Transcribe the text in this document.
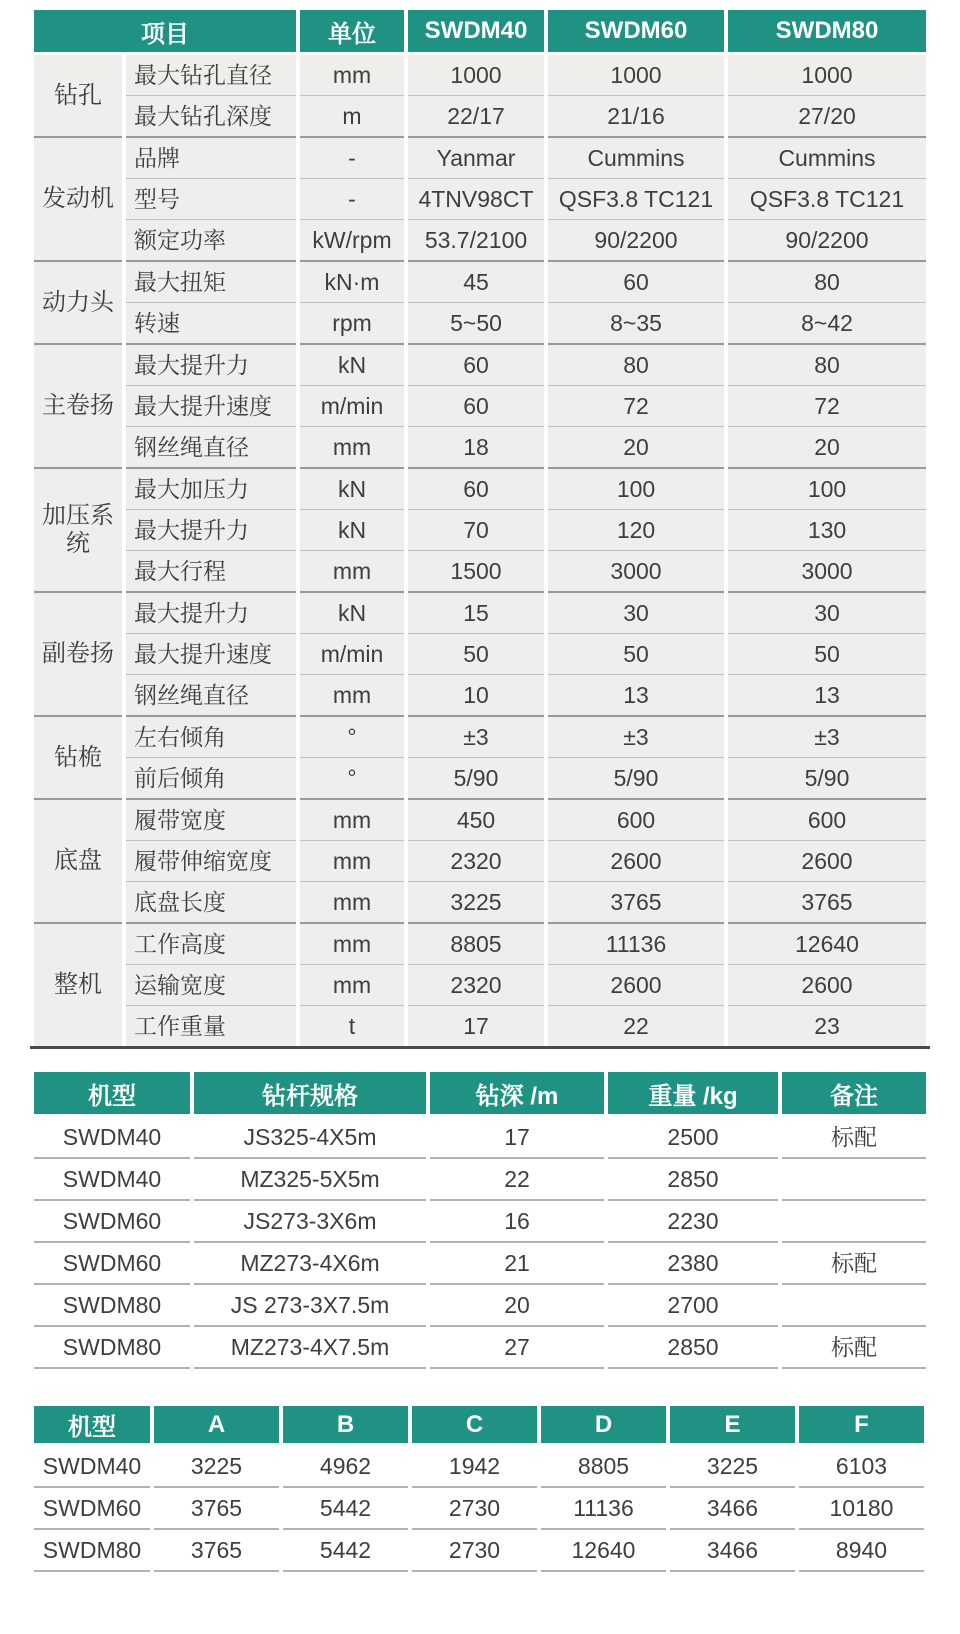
项目		单位	SWDM40	SWDM60	SWDM80
钻孔	最大钻孔直径	mm	1000	1000	1000
	最大钻孔深度	m	22/17	21/16	27/20
发动机	品牌	-	Yanmar	Cummins	Cummins
	型号	-	4TNV98CT	QSF3.8 TC121	QSF3.8 TC121
	额定功率	kW/rpm	53.7/2100	90/2200	90/2200
动力头	最大扭矩	kN·m	45	60	80
	转速	rpm	5~50	8~35	8~42
主卷扬	最大提升力	kN	60	80	80
	最大提升速度	m/min	60	72	72
	钢丝绳直径	mm	18	20	20
加压系统	最大加压力	kN	60	100	100
	最大提升力	kN	70	120	130
	最大行程	mm	1500	3000	3000
副卷扬	最大提升力	kN	15	30	30
	最大提升速度	m/min	50	50	50
	钢丝绳直径	mm	10	13	13
钻桅	左右倾角	°	±3	±3	±3
	前后倾角	°	5/90	5/90	5/90
底盘	履带宽度	mm	450	600	600
	履带伸缩宽度	mm	2320	2600	2600
	底盘长度	mm	3225	3765	3765
整机	工作高度	mm	8805	11136	12640
	运输宽度	mm	2320	2600	2600
	工作重量	t	17	22	23
机型	钻杆规格	钻深 /m	重量 /kg	备注
SWDM40	JS325-4X5m	17	2500	标配
SWDM40	MZ325-5X5m	22	2850	
SWDM60	JS273-3X6m	16	2230	
SWDM60	MZ273-4X6m	21	2380	标配
SWDM80	JS 273-3X7.5m	20	2700	
SWDM80	MZ273-4X7.5m	27	2850	标配
机型	A	B	C	D	E	F
SWDM40	3225	4962	1942	8805	3225	6103
SWDM60	3765	5442	2730	11136	3466	10180
SWDM80	3765	5442	2730	12640	3466	8940
